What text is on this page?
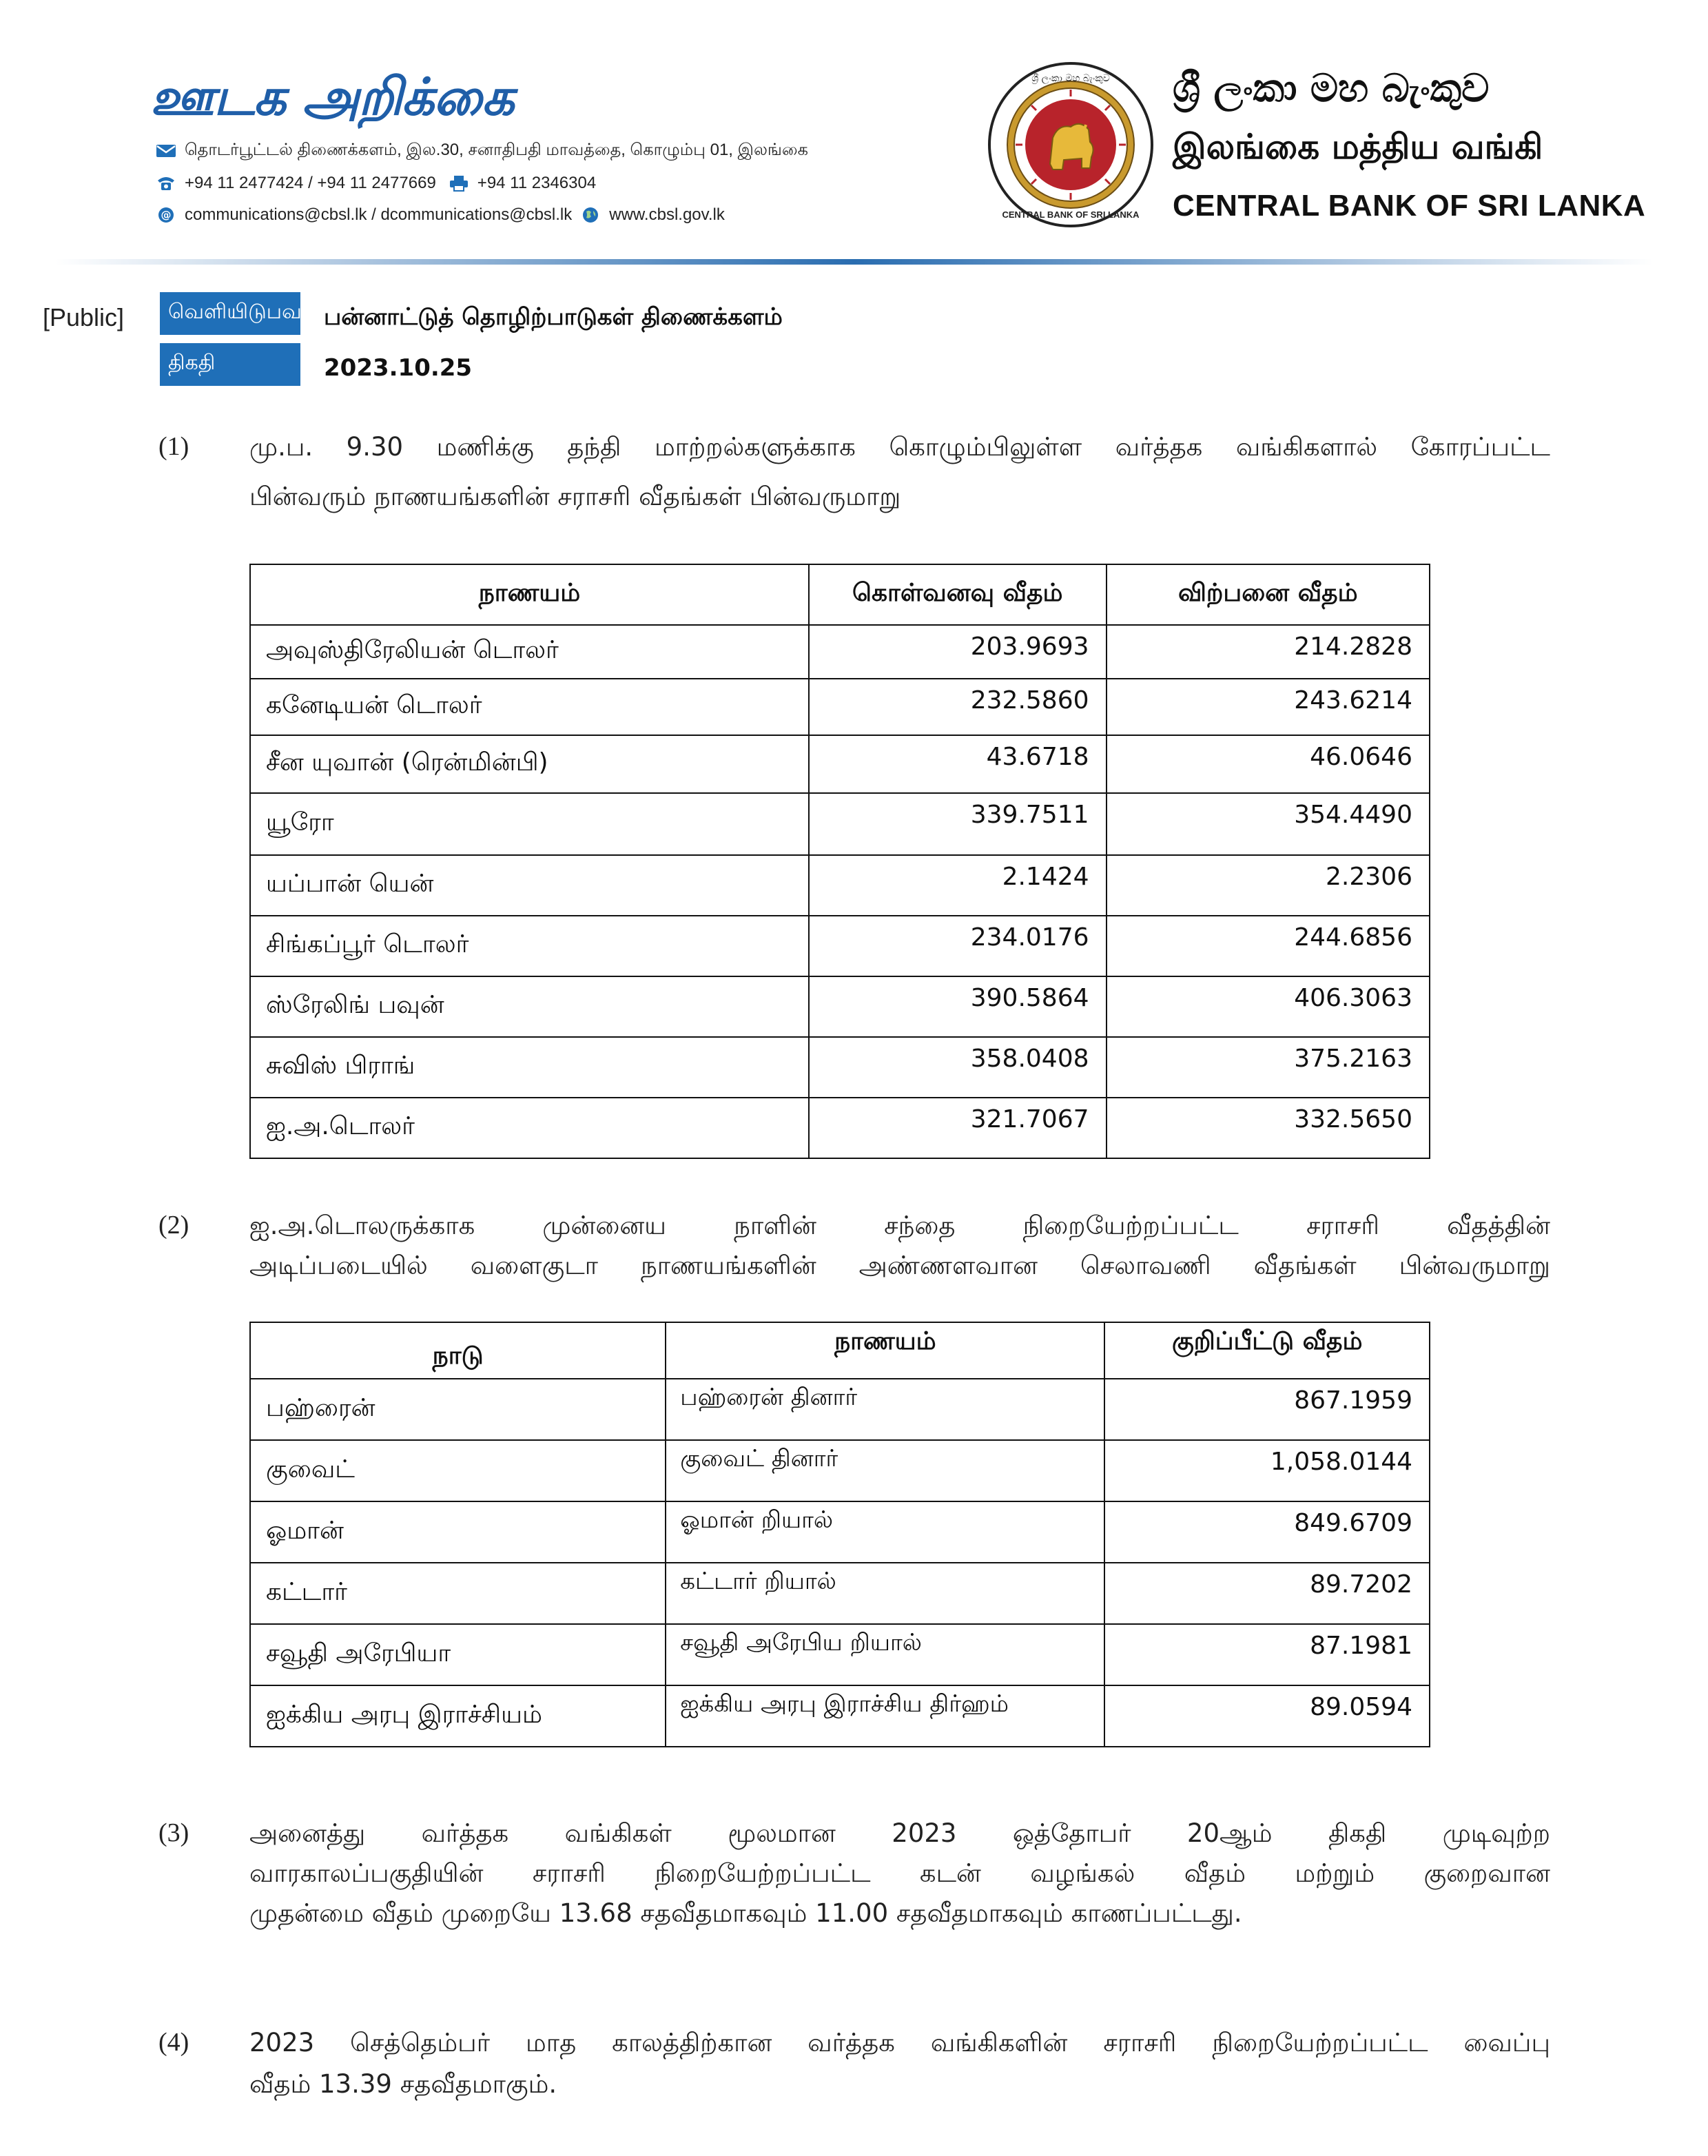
ஊடக அறிக்கை
தொடர்பூட்டல் திணைக்களம், இல.30, சனாதிபதி மாவத்தை, கொழும்பு 01, இலங்கை
+94 11 2477424 / +94 11 2477669	+94 11 2346304
@ communications@cbsl.lk / dcommunications@cbsl.lk www.cbsl.gov.lk
ශ්‍රී ලංකා මහ බැංකුව
CENTRAL BANK OF SRI LANKA
ශ්‍රී ලංකා මහ බැංකුව
இலங்கை மத்திய வங்கி
CENTRAL BANK OF SRI LANKA
[Public]	வெளியிடுபவர் பன்னாட்டுத் தொழிற்பாடுகள் திணைக்களம்
திகதி	2023.10.25
(1) மு.ப. 9.30 மணிக்கு தந்தி மாற்றல்களுக்காக கொழும்பிலுள்ள வர்த்தக வங்கிகளால் கோரப்பட்ட
பின்வரும் நாணயங்களின் சராசரி வீதங்கள் பின்வருமாறு
நாணயம்	கொள்வனவு வீதம்	விற்பனை வீதம்
அவுஸ்திரேலியன் டொலர்	203.9693	214.2828
கனேடியன் டொலர்	232.5860	243.6214
சீன யுவான் (ரென்மின்பி)	43.6718	46.0646
யூரோ	339.7511	354.4490
யப்பான் யென்	2.1424	2.2306
சிங்கப்பூர் டொலர்	234.0176	244.6856
ஸ்ரேலிங் பவுன்	390.5864	406.3063
சுவிஸ் பிராங்	358.0408	375.2163
ஐ.அ.டொலர்	321.7067	332.5650
(2) ஐ.அ.டொலருக்காக முன்னைய நாளின் சந்தை நிறையேற்றப்பட்ட சராசரி வீதத்தின்
அடிப்படையில் வளைகுடா நாணயங்களின் அண்ணளவான செலாவணி வீதங்கள் பின்வருமாறு
நாடு	நாணயம்	குறிப்பீட்டு வீதம்
பஹ்ரைன்	பஹ்ரைன் தினார்	867.1959
குவைட்	குவைட் தினார்	1,058.0144
ஓமான்	ஓமான் றியால்	849.6709
கட்டார்	கட்டார் றியால்	89.7202
சவூதி அரேபியா	சவூதி அரேபிய றியால்	87.1981
ஐக்கிய அரபு இராச்சியம்	ஐக்கிய அரபு இராச்சிய திர்ஹம்	89.0594
(3) அனைத்து வர்த்தக வங்கிகள் மூலமான 2023 ஒத்தோபர் 20ஆம் திகதி முடிவுற்ற
வாரகாலப்பகுதியின் சராசரி நிறையேற்றப்பட்ட கடன் வழங்கல் வீதம் மற்றும் குறைவான
முதன்மை வீதம் முறையே 13.68 சதவீதமாகவும் 11.00 சதவீதமாகவும் காணப்பட்டது.
(4) 2023 செத்தெம்பர் மாத காலத்திற்கான வர்த்தக வங்கிகளின் சராசரி நிறையேற்றப்பட்ட வைப்பு
வீதம் 13.39 சதவீதமாகும்.
